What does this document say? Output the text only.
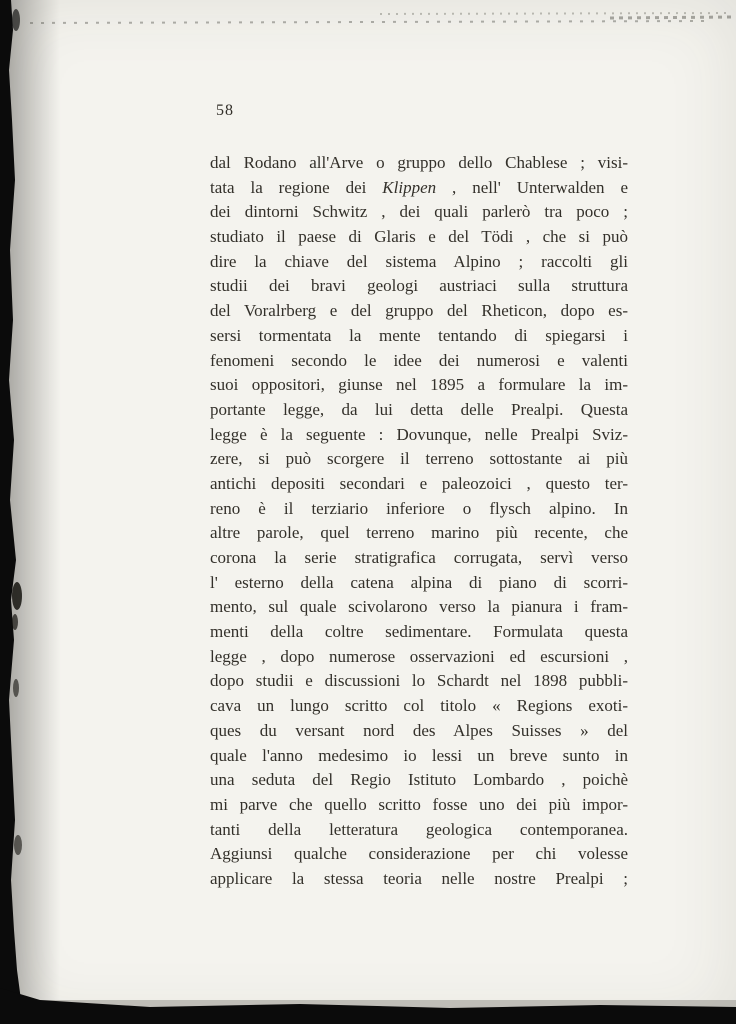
58
dal Rodano all'Arve o gruppo dello Chablese ; visi-
tata la regione dei Klippen , nell' Unterwalden e
dei dintorni Schwitz , dei quali parlerò tra poco ;
studiato il paese di Glaris e del Tödi , che si può
dire la chiave del sistema Alpino ; raccolti gli
studii dei bravi geologi austriaci sulla struttura
del Voralrberg e del gruppo del Rheticon, dopo es-
sersi tormentata la mente tentando di spiegarsi i
fenomeni secondo le idee dei numerosi e valenti
suoi oppositori, giunse nel 1895 a formulare la im-
portante legge, da lui detta delle Prealpi. Questa
legge è la seguente : Dovunque, nelle Prealpi Sviz-
zere, si può scorgere il terreno sottostante ai più
antichi depositi secondari e paleozoici , questo ter-
reno è il terziario inferiore o flysch alpino. In
altre parole, quel terreno marino più recente, che
corona la serie stratigrafica corrugata, servì verso
l' esterno della catena alpina di piano di scorri-
mento, sul quale scivolarono verso la pianura i fram-
menti della coltre sedimentare. Formulata questa
legge , dopo numerose osservazioni ed escursioni ,
dopo studii e discussioni lo Schardt nel 1898 pubbli-
cava un lungo scritto col titolo « Regions exoti-
ques du versant nord des Alpes Suisses » del
quale l'anno medesimo io lessi un breve sunto in
una seduta del Regio Istituto Lombardo , poichè
mi parve che quello scritto fosse uno dei più impor-
tanti della letteratura geologica contemporanea.
Aggiunsi qualche considerazione per chi volesse
applicare la stessa teoria nelle nostre Prealpi ;
